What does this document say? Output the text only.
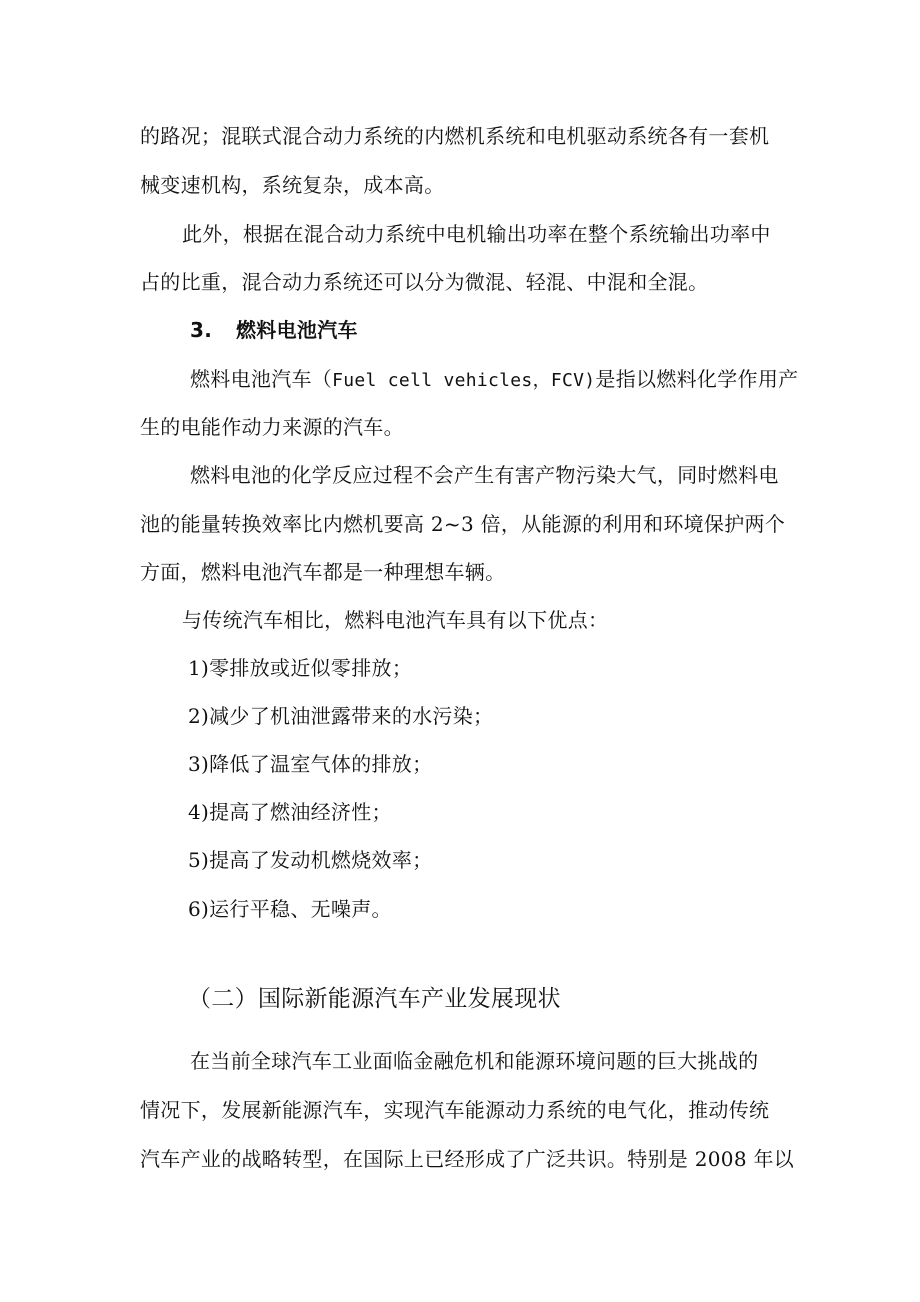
的路况；混联式混合动力系统的内燃机系统和电机驱动系统各有一套机
械变速机构，系统复杂，成本高。
此外，根据在混合动力系统中电机输出功率在整个系统输出功率中
占的比重，混合动力系统还可以分为微混、轻混、中混和全混。
3. 燃料电池汽车
燃料电池汽车（Fuel cell vehicles，FCV)是指以燃料化学作用产
生的电能作动力来源的汽车。
燃料电池的化学反应过程不会产生有害产物污染大气，同时燃料电
池的能量转换效率比内燃机要高 2~3 倍，从能源的利用和环境保护两个
方面，燃料电池汽车都是一种理想车辆。
与传统汽车相比，燃料电池汽车具有以下优点：
1)零排放或近似零排放；
2)减少了机油泄露带来的水污染；
3)降低了温室气体的排放；
4)提高了燃油经济性；
5)提高了发动机燃烧效率；
6)运行平稳、无噪声。
（二）国际新能源汽车产业发展现状
在当前全球汽车工业面临金融危机和能源环境问题的巨大挑战的
情况下，发展新能源汽车，实现汽车能源动力系统的电气化，推动传统
汽车产业的战略转型，在国际上已经形成了广泛共识。特别是 2008 年以
